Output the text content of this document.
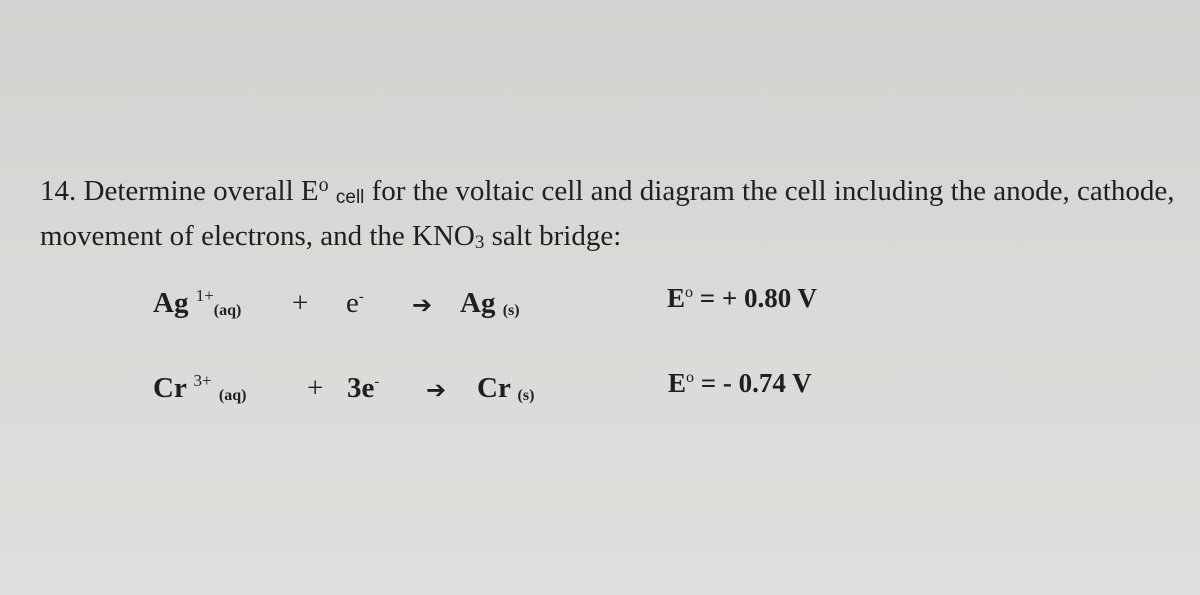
14. Determine overall $E^o$ cell for the voltaic cell and diagram the cell including the anode, cathode,
movement of electrons, and the KNO3 salt bridge:
Ag $^{1+}$(aq) + e- ➔ Ag (s)	$E^o$ = + 0.80 V
Cr $^{3+}$ (aq) + 3e- ➔ Cr (s)	$E^o$ = - 0.74 V
